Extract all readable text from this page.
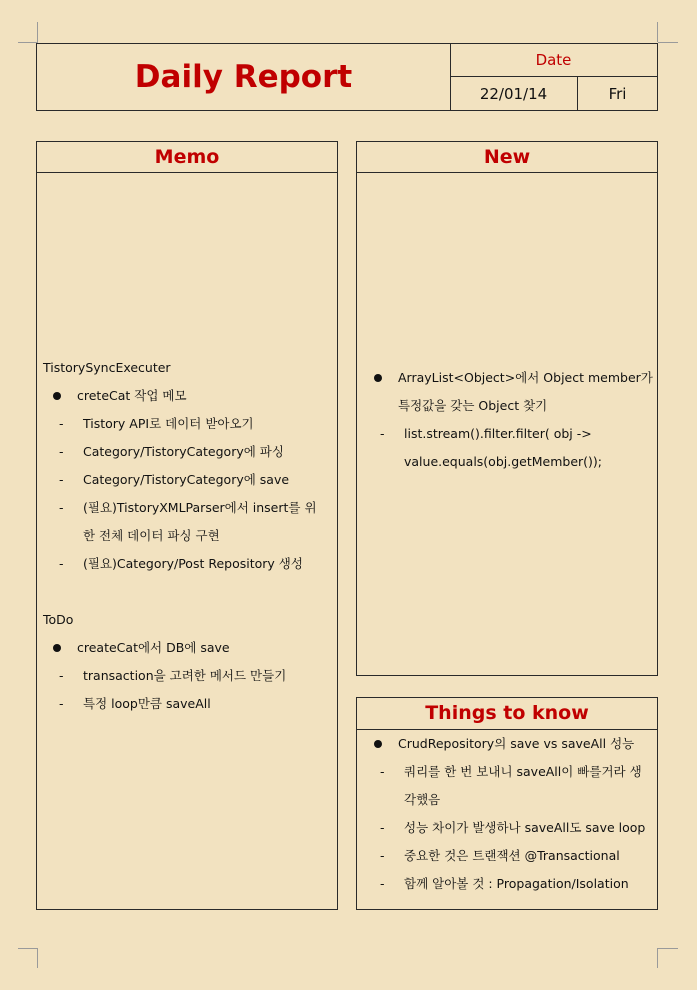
Daily Report	Date
22/01/14	Fri
Memo
TistorySyncExecuter
creteCat 작업 메모
- Tistory API로 데이터 받아오기
- Category/TistoryCategory에 파싱
- Category/TistoryCategory에 save
- (필요)TistoryXMLParser에서 insert를 위
한 전체 데이터 파싱 구현
- (필요)Category/Post Repository 생성
ToDo
createCat에서 DB에 save
- transaction을 고려한 메서드 만들기
- 특정 loop만큼 saveAll
New
ArrayList<Object>에서 Object member가
특정값을 갖는 Object 찾기
- list.stream().filter.filter( obj ->
value.equals(obj.getMember());
Things to know
CrudRepository의 save vs saveAll 성능
- 쿼리를 한 번 보내니 saveAll이 빠를거라 생
각했음
- 성능 차이가 발생하나 saveAll도 save loop
- 중요한 것은 트랜잭션 @Transactional
- 함께 알아볼 것 : Propagation/Isolation
